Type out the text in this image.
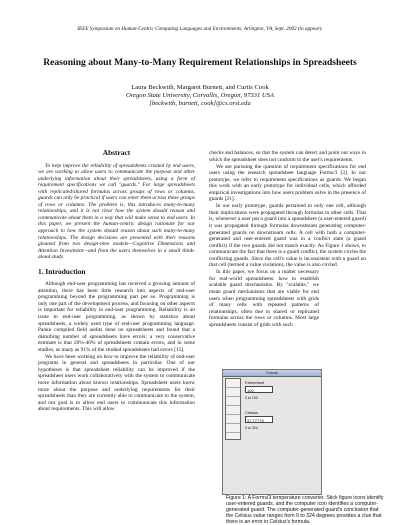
IEEE Symposium on Human-Centric Computing Languages and Environments, Arlington, VA, Sept. 2002 (to appear).
Reasoning about Many-to-Many Requirement Relationships in Spreadsheets
Laura Beckwith, Margaret Burnett, and Curtis Cook
Oregon State University, Corvallis, Oregon, 97331 USA
[beckwith, burnett, cook]@cs.orst.edu
Abstract

To help improve the reliability of spreadsheets created by end users, we are working to allow users to communicate the purpose and other underlying information about their spreadsheets, using a form of requirement specifications we call "guards." For large spreadsheets with replicated/shared formulas across groups of rows or columns, guards can only be practical if users can enter them across these groups of rows or columns. The problem is, this introduces many-to-many relationships, and it is not clear how the system should reason and communicate about them in a way that will make sense to end users. In this paper, we present the human-centric design rationale for our approach to how the system should reason about such many-to-many relationships. The design decisions are presented with their reasons gleaned from two design-time models—Cognitive Dimensions and Attention Investment—and from the users themselves in a small think-aloud study.

1. Introduction

Although end-user programming has received a growing amount of attention, there has been little research into aspects of end-user programming beyond the programming part per se. Programming is only one part of the development process, and focusing on other aspects is important for reliability in end-user programming. Reliability is an issue in end-user programming, as shown by statistics about spreadsheets, a widely used type of end-user programming language. Panko compiled field audits done on spreadsheets and found that a disturbing number of spreadsheets have errors: a very conservative estimate is that 20%-40% of spreadsheets contain errors, and in some studies, as many as 91% of the studied spreadsheets had errors [15].

We have been working on how to improve the reliability of end-user programs in general and spreadsheets in particular. One of our hypotheses is that spreadsheet reliability can be improved if the spreadsheet users work collaboratively with the system to communicate more information about known relationships. Spreadsheet users know more about the purpose and underlying requirements for their spreadsheets than they are currently able to communicate to the system, and our goal is to allow end users to communicate this information about requirements. This will allow

checks and balances, so that the system can detect and point out ways in which the spreadsheet does not conform to the user's requirements.

We are pursuing the question of requirement specifications for end users using the research spreadsheet language Forms/3 [3]. In our prototype, we refer to requirement specifications as guards. We began this work with an early prototype for individual cells, which afforded empirical investigations into how users problem solve in the presence of guards [21].

In our early prototype, guards pertained to only one cell, although their implications were propagated through formulas to other cells. That is, whenever a user put a guard into a spreadsheet (a user-entered guard) it was propagated through formulas downstream generating computer-generated guards on downstream cells. A cell with both a computer-generated and user-entered guard was in a conflict state (a guard conflict) if the two guards did not match exactly. As Figure 1 shows, to communicate the fact that there is a guard conflict, the system circles the conflicting guards. Since the cell's value is inconsistent with a guard on that cell (termed a value violation), the value is also circled.

In this paper, we focus on a matter necessary for real-world spreadsheets: how to establish scalable guard mechanisms. By "scalable," we mean guard mechanisms that are viable for end users when programming spreadsheets with grids of many cells with repeated patterns of relationships, often due to shared or replicated formulas across the rows or columns. Most large spreadsheets consist of grids with such

Forms
Fahrenheit
100
0 to 100
Celsius
37.77778
0 to 324
Figure 1: A Forms/3 temperature converter. Stick figure icons identify user-entered guards, and the computer icon identifies a computer-generated guard. The computer-generated guard's conclusion that the Celsius value ranges from 0 to 324 degrees provides a clue that there is an error in Celsius's formula.
